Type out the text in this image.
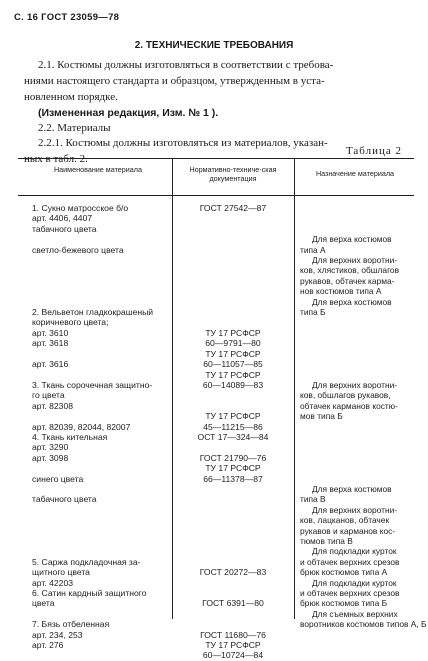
С. 16 ГОСТ 23059—78
2. ТЕХНИЧЕСКИЕ ТРЕБОВАНИЯ
2.1. Костюмы должны изготовляться в соответствии с требова-
ниями настоящего стандарта и образцом, утвержденным в уста-
новленном порядке.
(Измененная редакция, Изм. № 1 ).
2.2. Материалы
2.2.1. Костюмы должны изготовляться из материалов, указан-
ных в табл. 2.
Таблица 2
Наименование материала	Нормативно-техниче-ская документация
Назначение материала
1. Сукно матросское б/о
арт. 4406, 4407
табачного цвета

светло-бежевого цвета

2. Вельветон гладкокрашеный
коричневого цвета;
арт. 3610
арт. 3618

арт. 3616

3. Ткань сорочечная защитно-
го цвета
арт. 82308

арт. 82039, 82044, 82007
4. Ткань кительная
арт. 3290
арт. 3098

синего цвета

табачного цвета

5. Саржа подкладочная за-
щитного цвета
арт. 42203
6. Сатин кардный защитного
цвета

7. Бязь отбеленная
арт. 234, 253
арт. 276
ГОСТ 27542—87

ТУ 17 РСФСР
60—9791—80
ТУ 17 РСФСР
60—11057—85
ТУ 17 РСФСР
60—14089—83

ТУ 17 РСФСР
45—11215—86
ОСТ 17—324—84

ГОСТ 21790—76
ТУ 17 РСФСР
66—11378—87

ГОСТ 20272—83

ГОСТ 6391—80

ГОСТ 11680—76
ТУ 17 РСФСР
60—10724—84

Для верха костюмов
типа А
Для верхних воротни-
ков, хлястиков, обшлагов
рукавов, обтачек карма-
нов костюмов типа А
Для верха костюмов
типа Б

Для верхних воротни-
ков, обшлагов рукавов,
обтачек карманов костю-
мов типа Б

Для верха костюмов
типа В
Для верхних воротни-
ков, лацканов, обтачек
рукавов и карманов кос-
тюмов типа В
Для подкладки курток
и обтачек верхних срезов
брюк костюмов типа А
Для подкладки курток
и обтачек верхних срезов
брюк костюмов типа Б
Для съемных верхних
воротников костюмов типов А, Б
